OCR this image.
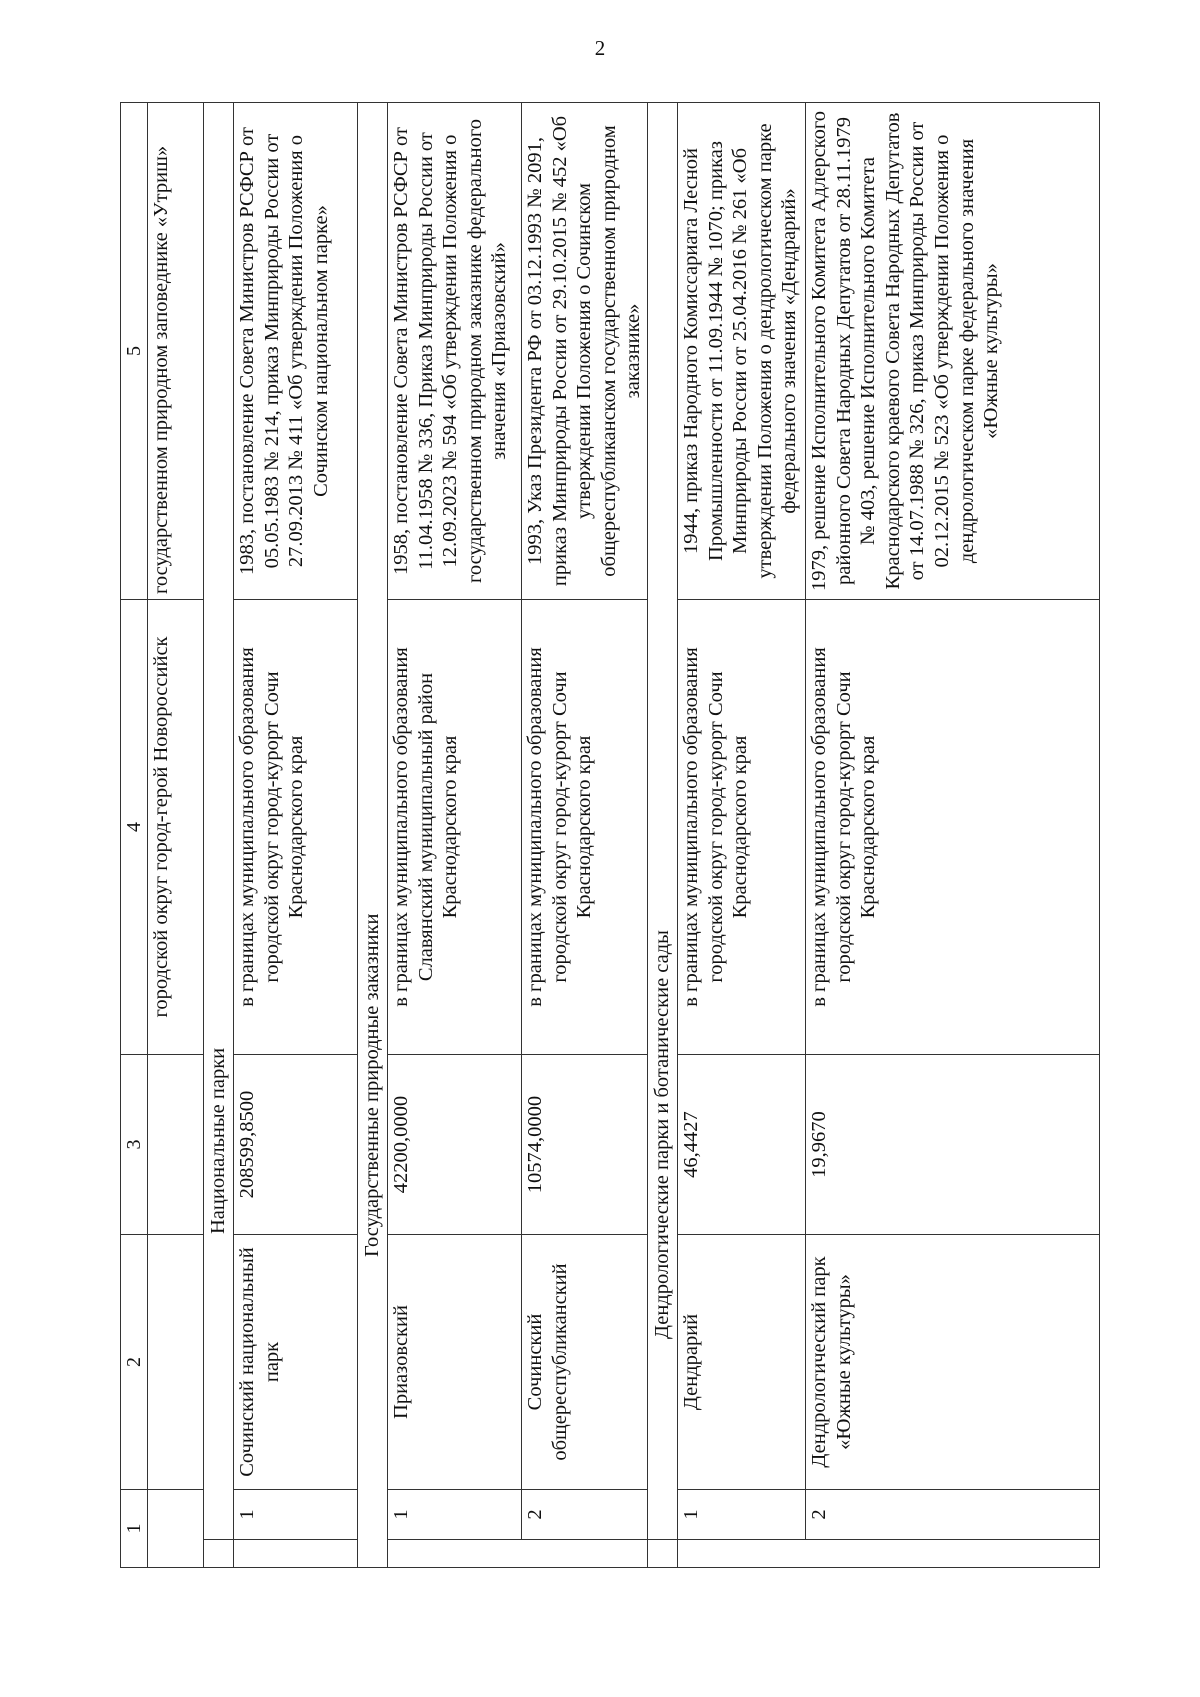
2
1		2	3	4	5
				городской округ город-герой Новороссийск	государственном природном заповеднике «Утриш»
	Национальные парки				
	1	Сочинский национальный парк	208599,8500	в границах муниципального образования городской округ город-курорт Сочи Краснодарского края	1983, постановление Совета Министров РСФСР от 05.05.1983 № 214, приказ Минприроды России от 27.09.2013 № 411 «Об утверждении Положения о Сочинском национальном парке»
Государственные природные заказники					
	1	Приазовский	42200,0000	в границах муниципального образования Славянский муниципальный район Краснодарского края	1958, постановление Совета Министров РСФСР от 11.04.1958 № 336, Приказ Минприроды России от 12.09.2023 № 594 «Об утверждении Положения о государственном природном заказнике федерального значения «Приазовский»
	2	Сочинский общереспубликанский	10574,0000	в границах муниципального образования городской округ город-курорт Сочи Краснодарского края	1993, Указ Президента РФ от 03.12.1993 № 2091, приказ Минприроды России от 29.10.2015 № 452 «Об утверждении Положения о Сочинском общереспубликанском государственном природном заказнике»
	Дендрологические парки и ботанические сады				
	1	Дендрарий	46,4427	в границах муниципального образования городской округ город-курорт Сочи Краснодарского края	1944, приказ Народного Комиссариата Лесной Промышленности от 11.09.1944 № 1070; приказ Минприроды России от 25.04.2016 № 261 «Об утверждении Положения о дендрологическом парке федерального значения «Дендрарий»
	2	Дендрологический парк «Южные культуры»	19,9670	в границах муниципального образования городской округ город-курорт Сочи Краснодарского края	1979, решение Исполнительного Комитета Адлерского районного Совета Народных Депутатов от 28.11.1979 № 403, решение Исполнительного Комитета Краснодарского краевого Совета Народных Депутатов от 14.07.1988 № 326, приказ Минприроды России от 02.12.2015 № 523 «Об утверждении Положения о дендрологическом парке федерального значения «Южные культуры»
